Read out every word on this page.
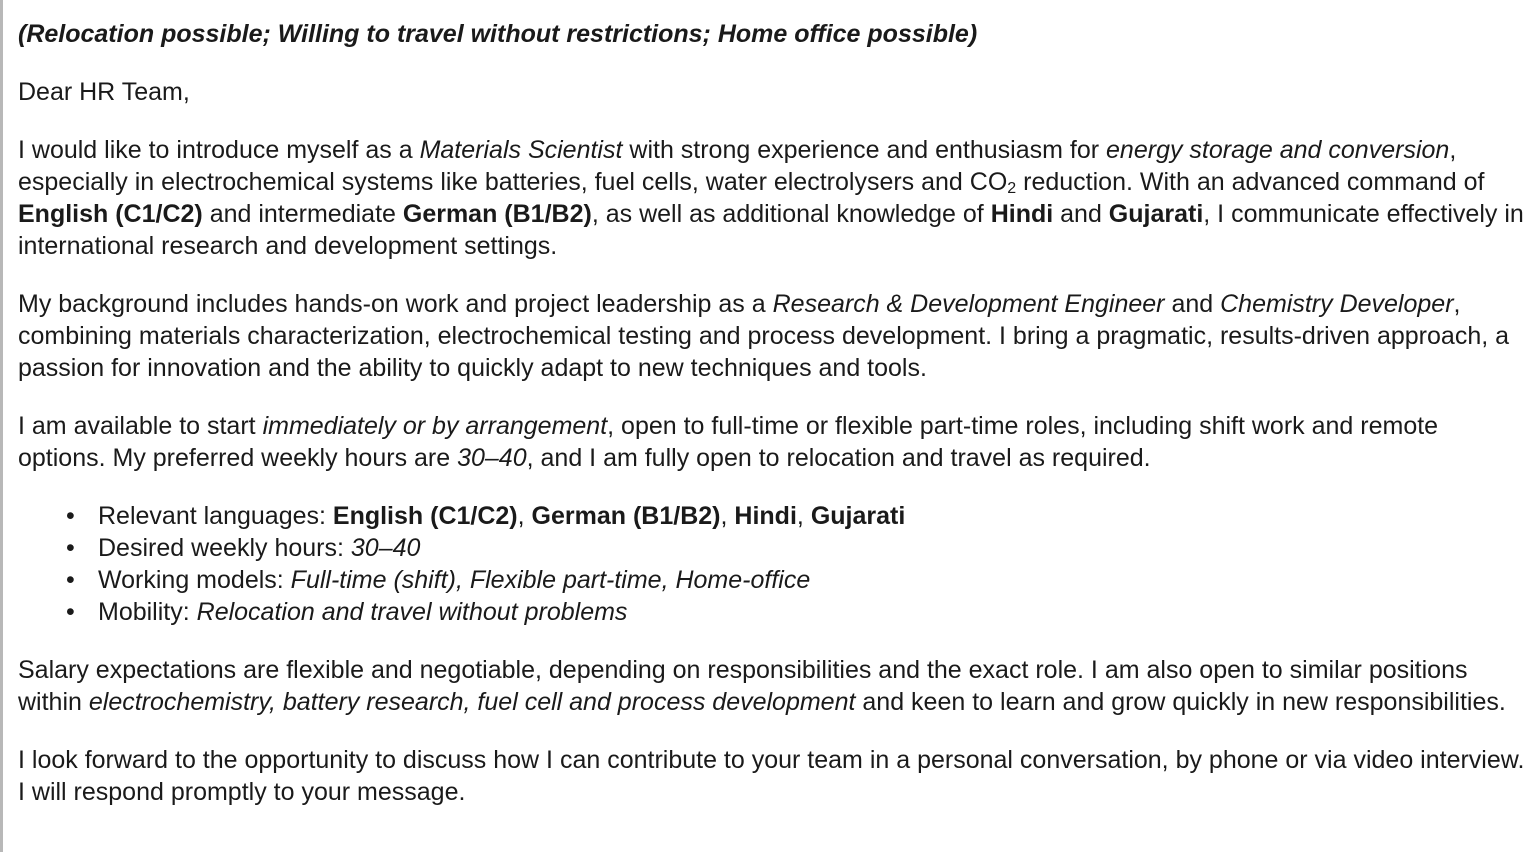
(Relocation possible; Willing to travel without restrictions; Home office possible)

Dear HR Team,

I would like to introduce myself as a Materials Scientist with strong experience and enthusiasm for energy storage and conversion, especially in electrochemical systems like batteries, fuel cells, water electrolysers and CO2 reduction. With an advanced command of English (C1/C2) and intermediate German (B1/B2), as well as additional knowledge of Hindi and Gujarati, I communicate effectively in international research and development settings.

My background includes hands-on work and project leadership as a Research & Development Engineer and Chemistry Developer, combining materials characterization, electrochemical testing and process development. I bring a pragmatic, results-driven approach, a passion for innovation and the ability to quickly adapt to new techniques and tools.

I am available to start immediately or by arrangement, open to full-time or flexible part-time roles, including shift work and remote options. My preferred weekly hours are 30–40, and I am fully open to relocation and travel as required.

• Relevant languages: English (C1/C2), German (B1/B2), Hindi, Gujarati
• Desired weekly hours: 30–40
• Working models: Full-time (shift), Flexible part-time, Home-office
• Mobility: Relocation and travel without problems

Salary expectations are flexible and negotiable, depending on responsibilities and the exact role. I am also open to similar positions within electrochemistry, battery research, fuel cell and process development and keen to learn and grow quickly in new responsibilities.

I look forward to the opportunity to discuss how I can contribute to your team in a personal conversation, by phone or via video interview. I will respond promptly to your message.
